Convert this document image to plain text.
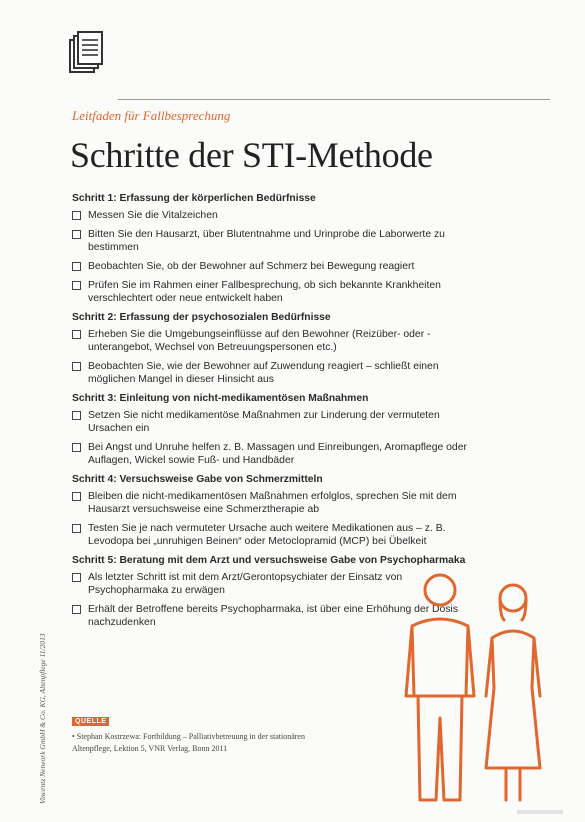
Leitfaden für Fallbesprechung
Schritte der STI-Methode
Schritt 1: Erfassung der körperlichen Bedürfnisse
Messen Sie die Vitalzeichen
Bitten Sie den Hausarzt, über Blutentnahme und Urinprobe die Laborwerte zu bestimmen
Beobachten Sie, ob der Bewohner auf Schmerz bei Bewegung reagiert
Prüfen Sie im Rahmen einer Fallbesprechung, ob sich bekannte Krankheiten verschlechtert oder neue entwickelt haben
Schritt 2: Erfassung der psychosozialen Bedürfnisse
Erheben Sie die Umgebungseinflüsse auf den Bewohner (Reizüber- oder -unterangebot, Wechsel von Betreuungspersonen etc.)
Beobachten Sie, wie der Bewohner auf Zuwendung reagiert – schließt einen möglichen Mangel in dieser Hinsicht aus
Schritt 3: Einleitung von nicht-medikamentösen Maßnahmen
Setzen Sie nicht medikamentöse Maßnahmen zur Linderung der vermuteten Ursachen ein
Bei Angst und Unruhe helfen z. B. Massagen und Einreibungen, Aromapflege oder Auflagen, Wickel sowie Fuß- und Handbäder
Schritt 4: Versuchsweise Gabe von Schmerzmitteln
Bleiben die nicht-medikamentösen Maßnahmen erfolglos, sprechen Sie mit dem Hausarzt versuchsweise eine Schmerztherapie ab
Testen Sie je nach vermuteter Ursache auch weitere Medikationen aus – z. B. Levodopa bei „unruhigen Beinen“ oder Metoclopramid (MCP) bei Übelkeit
Schritt 5: Beratung mit dem Arzt und versuchsweise Gabe von Psychopharmaka
Als letzter Schritt ist mit dem Arzt/Gerontopsychiater der Einsatz von Psychopharmaka zu erwägen
Erhält der Betroffene bereits Psychopharmaka, ist über eine Erhöhung der Dosis nachzudenken
QUELLE
• Stephan Kostrzewa: Fortbildung – Palliativbetreuung in der stationären Altenpflege, Lektion 5, VNR Verlag, Bonn 2011
Vincentz Network GmbH & Co. KG, Altenpflege 11/2013
